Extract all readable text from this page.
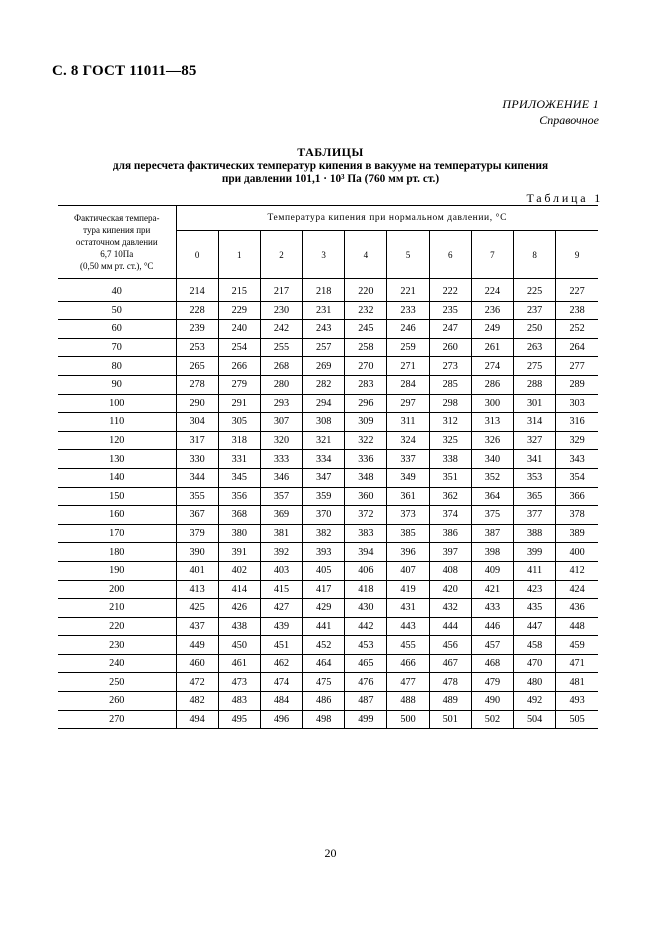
С. 8 ГОСТ 11011—85
ПРИЛОЖЕНИЕ 1
Справочное
ТАБЛИЦЫ
для пересчета фактических температур кипения в вакууме на температуры кипения
при давлении 101,1 · 10³ Па (760 мм рт. ст.)
Таблица 1
Фактическая темпера-
тура кипения при
остаточном давлении
6,7 10Па
(0,50 мм рт. ст.), °С	Температура кипения при нормальном давлении, °С									
	0	1	2	3	4	5	6	7	8	9
40	214	215	217	218	220	221	222	224	225	227
50	228	229	230	231	232	233	235	236	237	238
60	239	240	242	243	245	246	247	249	250	252
70	253	254	255	257	258	259	260	261	263	264
80	265	266	268	269	270	271	273	274	275	277
90	278	279	280	282	283	284	285	286	288	289
100	290	291	293	294	296	297	298	300	301	303
110	304	305	307	308	309	311	312	313	314	316
120	317	318	320	321	322	324	325	326	327	329
130	330	331	333	334	336	337	338	340	341	343
140	344	345	346	347	348	349	351	352	353	354
150	355	356	357	359	360	361	362	364	365	366
160	367	368	369	370	372	373	374	375	377	378
170	379	380	381	382	383	385	386	387	388	389
180	390	391	392	393	394	396	397	398	399	400
190	401	402	403	405	406	407	408	409	411	412
200	413	414	415	417	418	419	420	421	423	424
210	425	426	427	429	430	431	432	433	435	436
220	437	438	439	441	442	443	444	446	447	448
230	449	450	451	452	453	455	456	457	458	459
240	460	461	462	464	465	466	467	468	470	471
250	472	473	474	475	476	477	478	479	480	481
260	482	483	484	486	487	488	489	490	492	493
270	494	495	496	498	499	500	501	502	504	505
20
